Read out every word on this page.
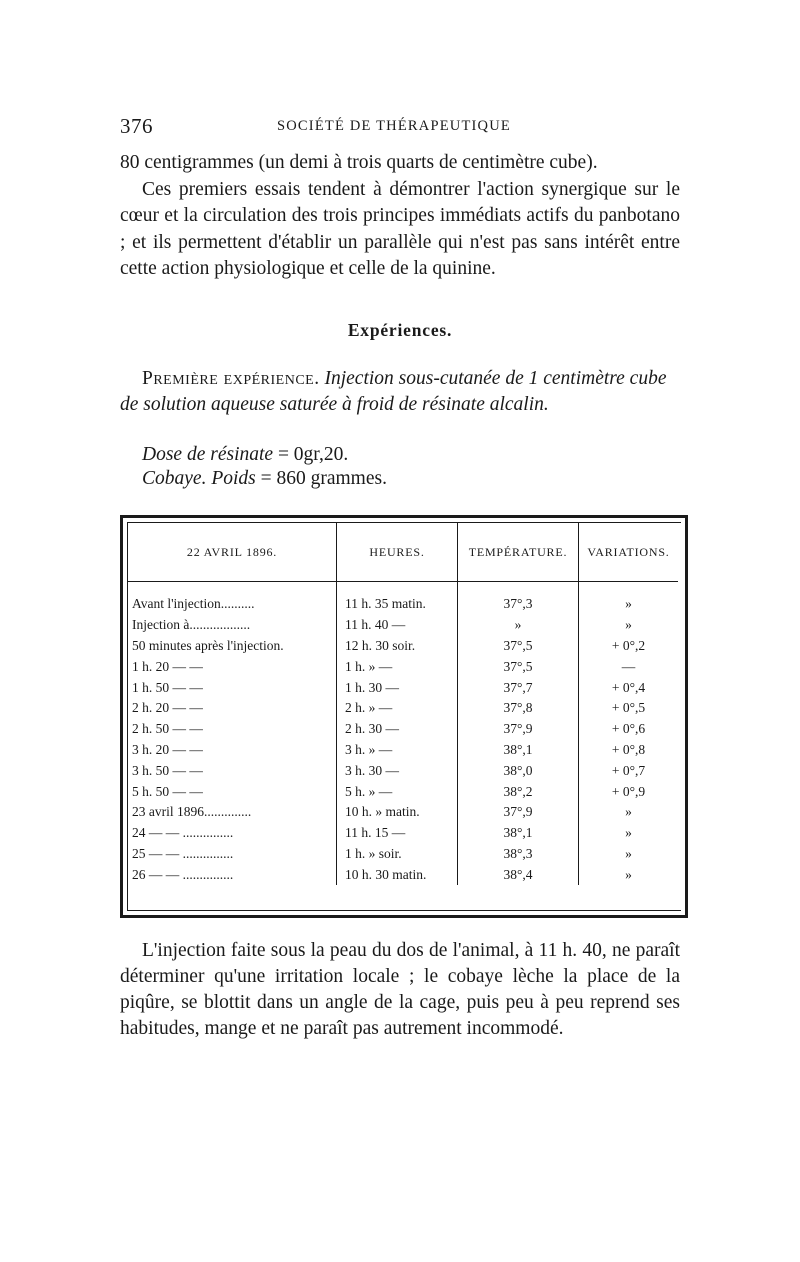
376	SOCIÉTÉ DE THÉRAPEUTIQUE

80 centigrammes (un demi à trois quarts de centimètre cube).
Ces premiers essais tendent à démontrer l'action synergique sur le cœur et la circulation des trois principes immédiats actifs du panbotano ; et ils permettent d'établir un parallèle qui n'est pas sans intérêt entre cette action physiologique et celle de la quinine.

Expériences.

Première expérience. Injection sous-cutanée de 1 centimètre cube de solution aqueuse saturée à froid de résinate alcalin.

Dose de résinate = 0gr,20.
Cobaye. Poids = 860 grammes.
22 AVRIL 1896.	HEURES.	TEMPÉRATURE.	VARIATIONS.
Avant l'injection..........	11 h. 35 matin.	37°,3	»
Injection à..................	11 h. 40 —	»	»
50 minutes après l'injection.	12 h. 30 soir.	37°,5	+ 0°,2
1 h. 20 — —	1 h. » —	37°,5	—
1 h. 50 — —	1 h. 30 —	37°,7	+ 0°,4
2 h. 20 — —	2 h. » —	37°,8	+ 0°,5
2 h. 50 — —	2 h. 30 —	37°,9	+ 0°,6
3 h. 20 — —	3 h. » —	38°,1	+ 0°,8
3 h. 50 — —	3 h. 30 —	38°,0	+ 0°,7
5 h. 50 — —	5 h. » —	38°,2	+ 0°,9
23 avril 1896..............	10 h. » matin.	37°,9	»
24 — — ...............	11 h. 15 —	38°,1	»
25 — — ...............	1 h. » soir.	38°,3	»
26 — — ...............	10 h. 30 matin.	38°,4	»

L'injection faite sous la peau du dos de l'animal, à 11 h. 40, ne paraît déterminer qu'une irritation locale ; le cobaye lèche la place de la piqûre, se blottit dans un angle de la cage, puis peu à peu reprend ses habitudes, mange et ne paraît pas autrement incommodé.
